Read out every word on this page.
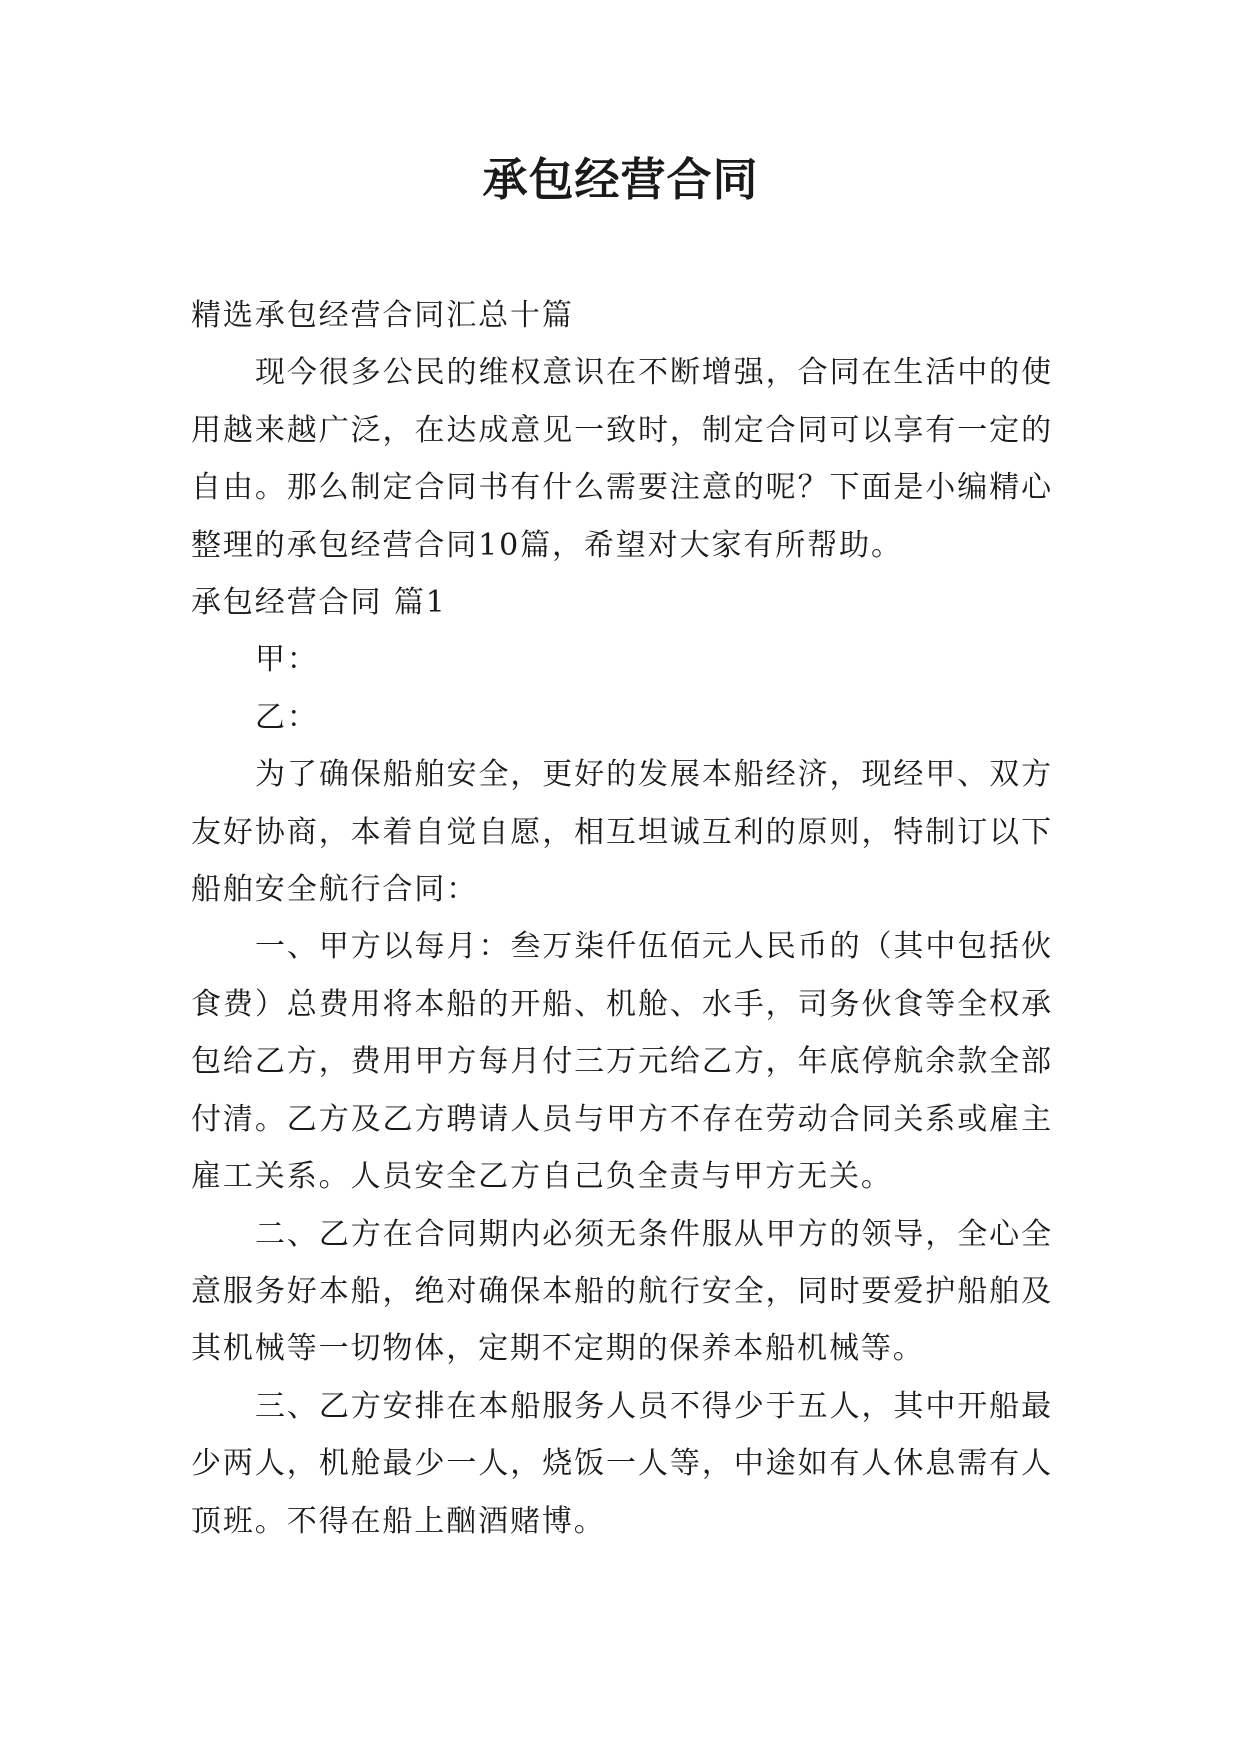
承包经营合同

精选承包经营合同汇总十篇

现今很多公民的维权意识在不断增强，合同在生活中的使用越来越广泛，在达成意见一致时，制定合同可以享有一定的自由。那么制定合同书有什么需要注意的呢？下面是小编精心整理的承包经营合同10篇，希望对大家有所帮助。

承包经营合同 篇1

甲：

乙：

为了确保船舶安全，更好的发展本船经济，现经甲、双方友好协商，本着自觉自愿，相互坦诚互利的原则，特制订以下船舶安全航行合同：

一、甲方以每月：叁万柒仟伍佰元人民币的（其中包括伙食费）总费用将本船的开船、机舱、水手，司务伙食等全权承包给乙方，费用甲方每月付三万元给乙方，年底停航余款全部付清。乙方及乙方聘请人员与甲方不存在劳动合同关系或雇主雇工关系。人员安全乙方自己负全责与甲方无关。

二、乙方在合同期内必须无条件服从甲方的领导，全心全意服务好本船，绝对确保本船的航行安全，同时要爱护船舶及其机械等一切物体，定期不定期的保养本船机械等。

三、乙方安排在本船服务人员不得少于五人，其中开船最少两人，机舱最少一人，烧饭一人等，中途如有人休息需有人顶班。不得在船上酗酒赌博。
